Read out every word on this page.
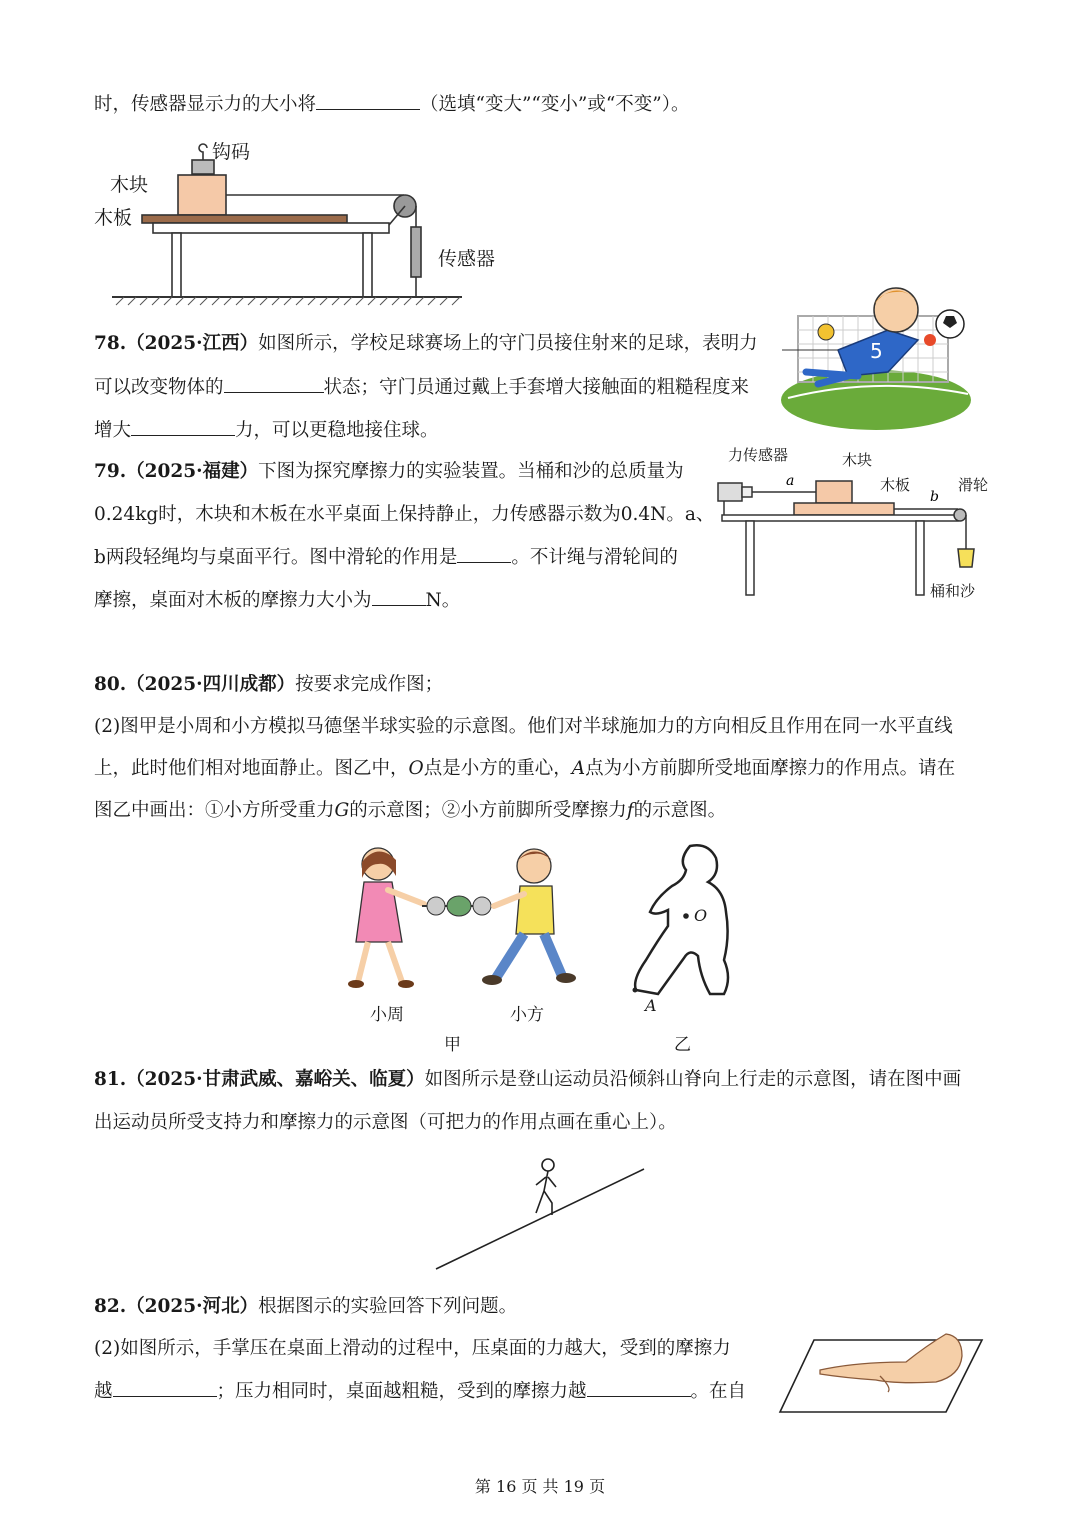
时，传感器显示力的大小将	（选填“变大”“变小”或“不变”）。
钩码
木块
木板
传感器
78.（2025·江西）如图所示，学校足球赛场上的守门员接住射来的足球，表明力
可以改变物体的	状态；守门员通过戴上手套增大接触面的粗糙程度来
增大	力，可以更稳地接住球。
5
79.（2025·福建）下图为探究摩擦力的实验装置。当桶和沙的总质量为
0.24kg时，木块和木板在水平桌面上保持静止，力传感器示数为0.4N。a、
b两段轻绳均与桌面平行。图中滑轮的作用是	。不计绳与滑轮间的
摩擦，桌面对木板的摩擦力大小为	N。
a
b
力传感器	木块
木板	滑轮
桶和沙
80.（2025·四川成都）按要求完成作图；
(2)图甲是小周和小方模拟马德堡半球实验的示意图。他们对半球施加力的方向相反且作用在同一水平直线
上，此时他们相对地面静止。图乙中，O点是小方的重心，A点为小方前脚所受地面摩擦力的作用点。请在
图乙中画出：①小方所受重力G的示意图；②小方前脚所受摩擦力f的示意图。
小周	小方
甲
O
A
乙
81.（2025·甘肃武威、嘉峪关、临夏）如图所示是登山运动员沿倾斜山脊向上行走的示意图，请在图中画
出运动员所受支持力和摩擦力的示意图（可把力的作用点画在重心上）。
82.（2025·河北）根据图示的实验回答下列问题。
(2)如图所示，手掌压在桌面上滑动的过程中，压桌面的力越大，受到的摩擦力
越	；压力相同时，桌面越粗糙，受到的摩擦力越	。在自
第 16 页 共 19 页
